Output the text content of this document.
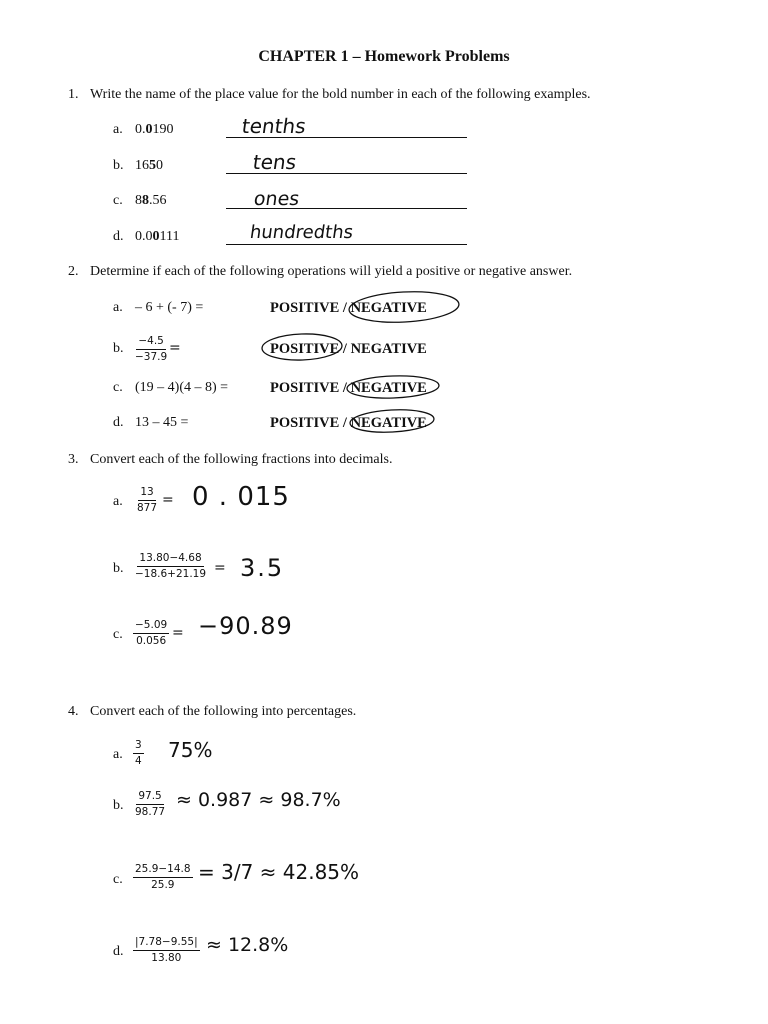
CHAPTER 1 – Homework Problems
1. Write the name of the place value for the bold number in each of the following examples.
a. 0.0190	tenths
b. 1650	tens
c. 88.56	ones
d. 0.00111	hundredths
2. Determine if each of the following operations will yield a positive or negative answer.
a. – 6 + (- 7) =	POSITIVE / NEGATIVE
b. $\frac{-4.5}{-37.9}$ =	POSITIVE / NEGATIVE
c. (19 – 4)(4 – 8) =	POSITIVE / NEGATIVE
d. 13 – 45 =	POSITIVE / NEGATIVE
3. Convert each of the following fractions into decimals.
a. $\frac{13}{877} = 0$ . 015
b. $\frac{13.80-4.68}{-18.6+21.19} = 3.5$
c. $\frac{-5.09}{0.056} = -90.89$
4. Convert each of the following into percentages.
a. $\frac{3}{4} 75\%$
b. $\frac{97.5}{98.77} \approx 0.987 \approx 98.7\%$
c. $\frac{25.9-14.8}{25.9} = 3/7 \approx 42.85\%$
d. $\frac{|7.78-9.55|}{13.80} \approx 12.8\%$
